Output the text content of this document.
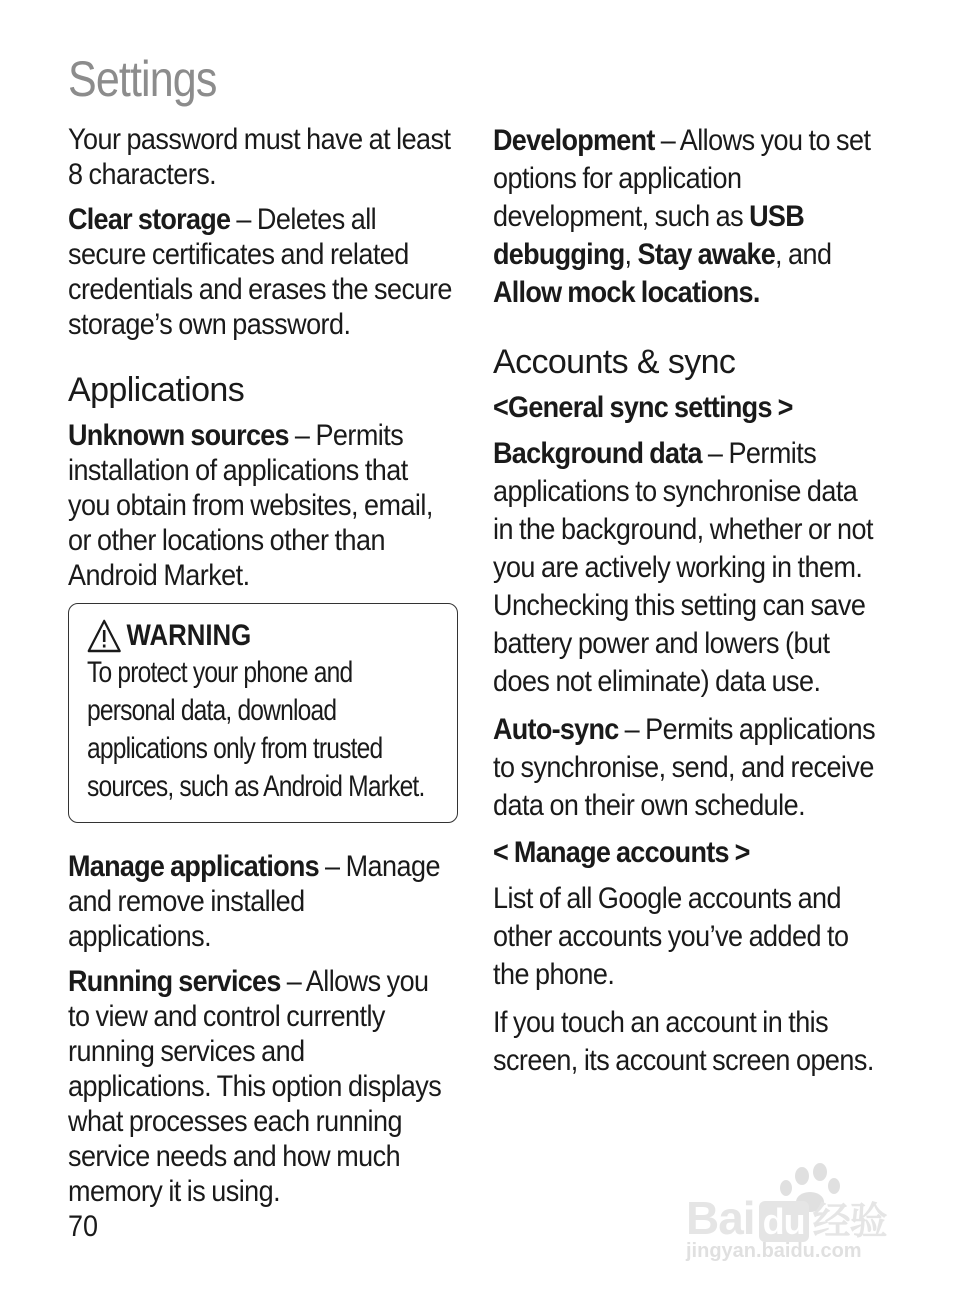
Settings

Your password must have at least 8 characters.

Clear storage – Deletes all secure certificates and related credentials and erases the secure storage’s own password.

Applications

Unknown sources – Permits installation of applications that you obtain from websites, email, or other locations other than Android Market.

WARNING
To protect your phone and personal data, download applications only from trusted sources, such as Android Market.

Manage applications – Manage and remove installed applications.

Running services – Allows you to view and control currently running services and applications. This option displays what processes each running service needs and how much memory it is using.

Development – Allows you to set options for application development, such as USB debugging, Stay awake, and Allow mock locations.

Accounts & sync

<General sync settings >

Background data – Permits applications to synchronise data in the background, whether or not you are actively working in them. Unchecking this setting can save battery power and lowers (but does not eliminate) data use.

Auto-sync – Permits applications to synchronise, send, and receive data on their own schedule.

< Manage accounts >

List of all Google accounts and other accounts you’ve added to the phone.

If you touch an account in this screen, its account screen opens.

70	Bai du 经验
jingyan.baidu.com
